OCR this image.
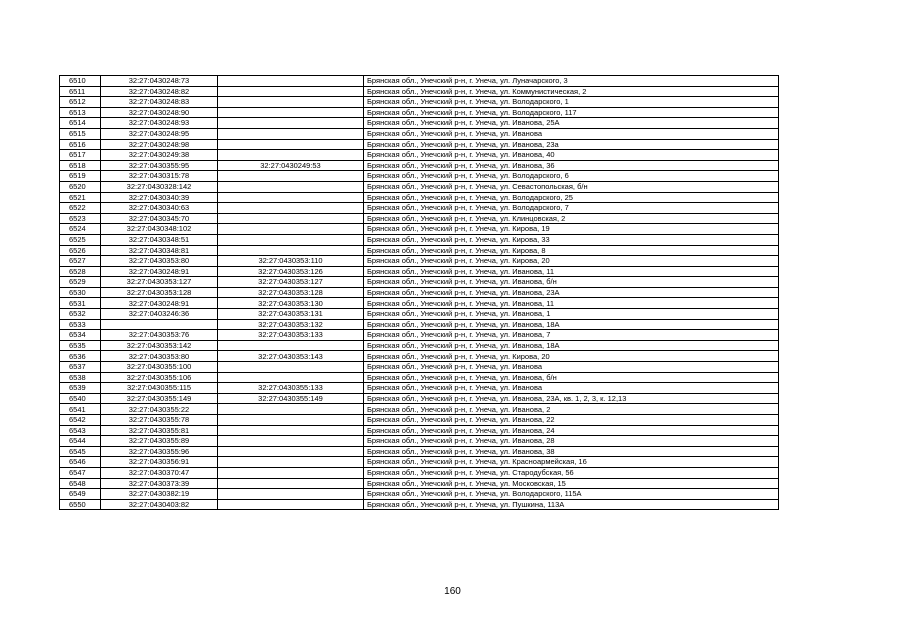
6510	32:27:0430248:73		Брянская обл., Унечский р-н, г. Унеча, ул. Луначарского, 3
6511	32:27:0430248:82		Брянская обл., Унечский р-н, г. Унеча, ул. Коммунистическая, 2
6512	32:27:0430248:83		Брянская обл., Унечский р-н, г. Унеча, ул. Володарского, 1
6513	32:27:0430248:90		Брянская обл., Унечский р-н, г. Унеча, ул. Володарского, 117
6514	32:27:0430248:93		Брянская обл., Унечский р-н, г. Унеча, ул. Иванова, 25А
6515	32:27:0430248:95		Брянская обл., Унечский р-н, г. Унеча, ул. Иванова
6516	32:27:0430248:98		Брянская обл., Унечский р-н, г. Унеча, ул. Иванова, 23а
6517	32:27:0430249:38		Брянская обл., Унечский р-н, г. Унеча, ул. Иванова, 40
6518	32:27:0430355:95	32:27:0430249:53	Брянская обл., Унечский р-н, г. Унеча, ул. Иванова, 36
6519	32:27:0430315:78		Брянская обл., Унечский р-н, г. Унеча, ул. Володарского, 6
6520	32:27:0430328:142		Брянская обл., Унечский р-н, г. Унеча, ул. Севастопольская, б/н
6521	32:27:0430340:39		Брянская обл., Унечский р-н, г. Унеча, ул. Володарского, 25
6522	32:27:0430340:63		Брянская обл., Унечский р-н, г. Унеча, ул. Володарского, 7
6523	32:27:0430345:70		Брянская обл., Унечский р-н, г. Унеча, ул. Клинцовская, 2
6524	32:27:0430348:102		Брянская обл., Унечский р-н, г. Унеча, ул. Кирова, 19
6525	32:27:0430348:51		Брянская обл., Унечский р-н, г. Унеча, ул. Кирова, 33
6526	32:27:0430348:81		Брянская обл., Унечский р-н, г. Унеча, ул. Кирова, 8
6527	32:27:0430353:80	32:27:0430353:110	Брянская обл., Унечский р-н, г. Унеча, ул. Кирова, 20
6528	32:27:0430248:91	32:27:0430353:126	Брянская обл., Унечский р-н, г. Унеча, ул. Иванова, 11
6529	32:27:0430353:127	32:27:0430353:127	Брянская обл., Унечский р-н, г. Унеча, ул. Иванова, б/н
6530	32:27:0430353:128	32:27:0430353:128	Брянская обл., Унечский р-н, г. Унеча, ул. Иванова, 23А
6531	32:27:0430248:91	32:27:0430353:130	Брянская обл., Унечский р-н, г. Унеча, ул. Иванова, 11
6532	32:27:0403246:36	32:27:0430353:131	Брянская обл., Унечский р-н, г. Унеча, ул. Иванова, 1
6533		32:27:0430353:132	Брянская обл., Унечский р-н, г. Унеча, ул. Иванова, 18А
6534	32:27:0430353:76	32:27:0430353:133	Брянская обл., Унечский р-н, г. Унеча, ул. Иванова, 7
6535	32:27:0430353:142		Брянская обл., Унечский р-н, г. Унеча, ул. Иванова, 18А
6536	32:27:0430353:80	32:27:0430353:143	Брянская обл., Унечский р-н, г. Унеча, ул. Кирова, 20
6537	32:27:0430355:100		Брянская обл., Унечский р-н, г. Унеча, ул. Иванова
6538	32:27:0430355:106		Брянская обл., Унечский р-н, г. Унеча, ул. Иванова, б/н
6539	32:27:0430355:115	32:27:0430355:133	Брянская обл., Унечский р-н, г. Унеча, ул. Иванова
6540	32:27:0430355:149	32:27:0430355:149	Брянская обл., Унечский р-н, г. Унеча, ул. Иванова, 23А, кв. 1, 2, 3, к. 12,13
6541	32:27:0430355:22		Брянская обл., Унечский р-н, г. Унеча, ул. Иванова, 2
6542	32:27:0430355:78		Брянская обл., Унечский р-н, г. Унеча, ул. Иванова, 22
6543	32:27:0430355:81		Брянская обл., Унечский р-н, г. Унеча, ул. Иванова, 24
6544	32:27:0430355:89		Брянская обл., Унечский р-н, г. Унеча, ул. Иванова, 28
6545	32:27:0430355:96		Брянская обл., Унечский р-н, г. Унеча, ул. Иванова, 38
6546	32:27:0430356:91		Брянская обл., Унечский р-н, г. Унеча, ул. Красноармейская, 16
6547	32:27:0430370:47		Брянская обл., Унечский р-н, г. Унеча, ул. Стародубская, 56
6548	32:27:0430373:39		Брянская обл., Унечский р-н, г. Унеча, ул. Московская, 15
6549	32:27:0430382:19		Брянская обл., Унечский р-н, г. Унеча, ул. Володарского, 115А
6550	32:27:0430403:82		Брянская обл., Унечский р-н, г. Унеча, ул. Пушкина, 113А
160
